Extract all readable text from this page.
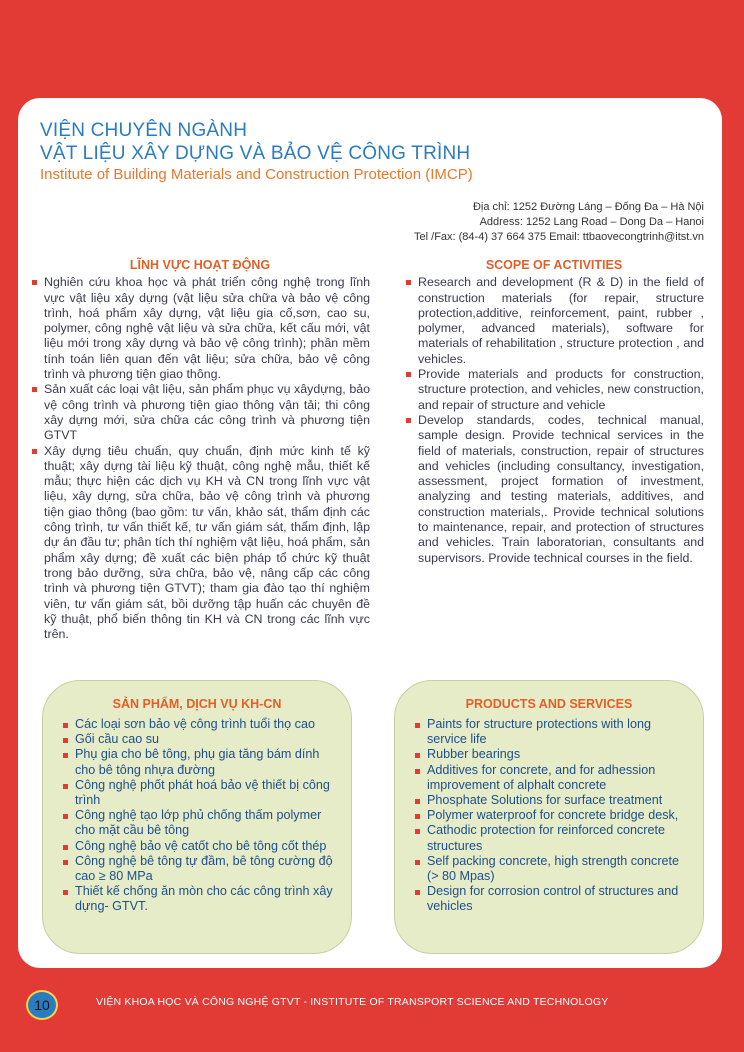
VIỆN CHUYÊN NGÀNH
VẬT LIỆU XÂY DỰNG VÀ BẢO VỆ CÔNG TRÌNH
Institute of Building Materials and Construction Protection (IMCP)
Địa chỉ: 1252 Đường Láng – Đống Đa – Hà Nội
Address: 1252 Lang Road – Dong Da – Hanoi
Tel /Fax: (84-4) 37 664 375 Email: ttbaovecongtrinh@itst.vn
LĨNH VỰC HOẠT ĐỘNG
Nghiên cứu khoa học và phát triển công nghệ trong lĩnh vực vật liệu xây dựng (vật liệu sửa chữa và bảo vệ công trình, hoá phẩm xây dựng, vật liệu gia cố,sơn, cao su, polymer, công nghệ vật liệu và sửa chữa, kết cấu mới, vật liệu mới trong xây dựng và bảo vệ công trình); phần mềm tính toán liên quan đến vật liệu; sửa chữa, bảo vệ công trình và phương tiện giao thông.
Sản xuất các loại vật liệu, sản phẩm phục vụ xâydựng, bảo vệ công trình và phương tiện giao thông vận tải; thi công xây dựng mới, sửa chữa các công trình và phương tiện GTVT
Xây dựng tiêu chuẩn, quy chuẩn, định mức kinh tế kỹ thuật; xây dựng tài liệu kỹ thuật, công nghệ mẫu, thiết kế mẫu; thực hiện các dịch vụ KH và CN trong lĩnh vực vật liệu, xây dựng, sửa chữa, bảo vệ công trình và phương tiện giao thông (bao gồm: tư vấn, khảo sát, thẩm định các công trình, tư vấn thiết kế, tư vấn giám sát, thẩm định, lập dự án đầu tư; phân tích thí nghiệm vật liệu, hoá phẩm, sản phẩm xây dựng; đề xuất các biện pháp tổ chức kỹ thuật trong bảo dưỡng, sửa chữa, bảo vệ, nâng cấp các công trình và phương tiện GTVT); tham gia đào tạo thí nghiệm viên, tư vấn giám sát, bồi dưỡng tập huấn các chuyên đề kỹ thuật, phổ biến thông tin KH và CN trong các lĩnh vực trên.
SCOPE OF ACTIVITIES
Research and development (R & D) in the field of construction materials (for repair, structure protection,additive, reinforcement, paint, rubber , polymer, advanced materials), software for materials of rehabilitation , structure protection , and vehicles.
Provide materials and products for construction, structure protection, and vehicles, new construction, and repair of structure and vehicle
Develop standards, codes, technical manual, sample design. Provide technical services in the field of materials, construction, repair of structures and vehicles (including consultancy, investigation, assessment, project formation of investment, analyzing and testing materials, additives, and construction materials,. Provide technical solutions to maintenance, repair, and protection of structures and vehicles. Train laboratorian, consultants and supervisors. Provide technical courses in the field.
SẢN PHẨM, DỊCH VỤ KH-CN
Các loại sơn bảo vệ công trình tuổi thọ cao
Gối cầu cao su
Phụ gia cho bê tông, phụ gia tăng bám dính cho bê tông nhựa đường
Công nghệ phốt phát hoá bảo vệ thiết bị công trình
Công nghệ tạo lớp phủ chống thấm polymer cho mặt cầu bê tông
Công nghệ bảo vệ catốt cho bê tông cốt thép
Công nghệ bê tông tự đầm, bê tông cường độ cao ≥ 80 MPa
Thiết kế chống ăn mòn cho các công trình xây dựng- GTVT.
PRODUCTS AND SERVICES
Paints for structure protections with long service life
Rubber bearings
Additives for concrete, and for adhession improvement of alphalt concrete
Phosphate Solutions for surface treatment
Polymer waterproof for concrete bridge desk,
Cathodic protection for reinforced concrete structures
Self packing concrete, high strength concrete (> 80 Mpas)
Design for corrosion control of structures and vehicles
10	VIỆN KHOA HỌC VÀ CÔNG NGHỆ GTVT - INSTITUTE OF TRANSPORT SCIENCE AND TECHNOLOGY
